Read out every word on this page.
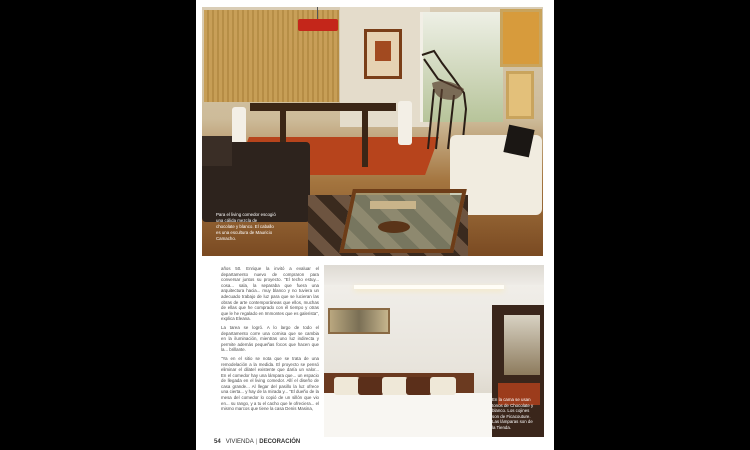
Para el living comedor escogió una cálida mezcla de chocolate y blanco. El caballo es una escultura de Mauricio Camacho.

años 50. Enrique la invitó a evaluar el departamento nuevo de compraron para conversar juntos su proyecto. "El techo estuy... cosa... sala, la separaba que fuera una arquitectura hacia... muy blanco y no tuviera un adecuado trabajo de luz para que se lucieran las obras de arte contemporáneas que ellos, muchas de ellas que he comprado con él tiempo y otras que le he regalado en Immontes que es galerista", explica Eleana.

La tarea se logró. A lo largo de todo el departamento corre una cornisa que se cambia en la iluminación, mientras uno luz indirecta y permite además pequeñas focos que hacen que la... brillante.

"Ya en el sitio se nota que se trata de una remodelación a la medida. El proyecto se pensó eliminar el dilatel existente que daría un valor... En el comedor hay una lámpara que... un espacio de llegada en el living comedor. Allí el diseño de casa grande... Al llegar del pasillo la luz ofrece una cierta... y hay de la mirada y... "El dueño de la mesa del comedor lo copió de un sillón que vio en... su rango, y a tu el cacho que le ofreciera... el mismo marcos que tiene la casa Denis Masina,

En la cama se usan tonos de Chocolate y blanco. Los cojines son de Ficacouture. Las lámparas son de la Tienda.
54 VIVIENDA | DECORACIÓN
